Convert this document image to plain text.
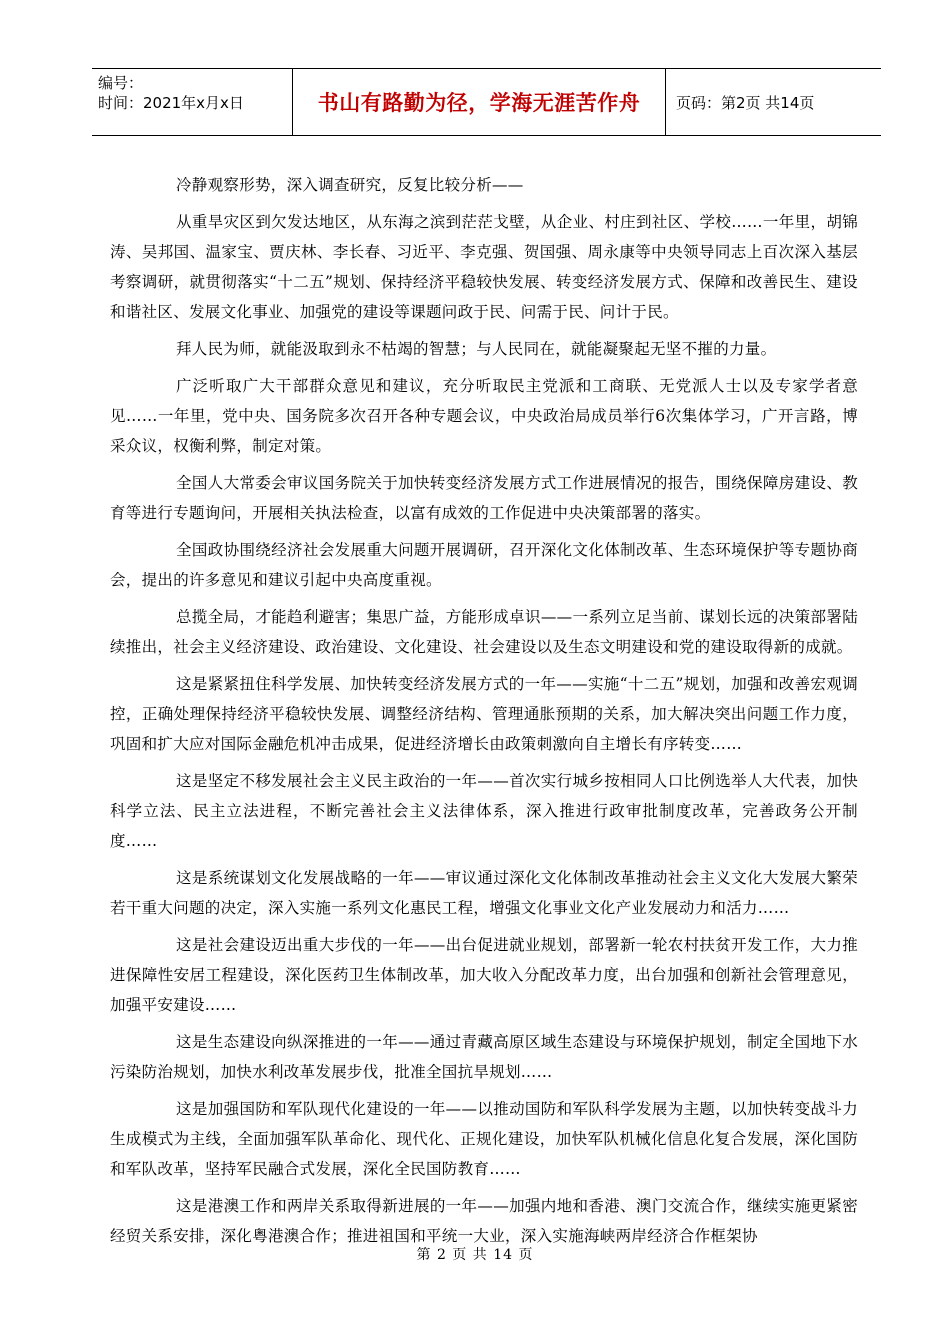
编号：
时间：2021年x月x日	书山有路勤为径，学海无涯苦作舟	页码：第2页 共14页

冷静观察形势，深入调查研究，反复比较分析——

从重旱灾区到欠发达地区，从东海之滨到茫茫戈壁，从企业、村庄到社区、学校……一年里，胡锦涛、吴邦国、温家宝、贾庆林、李长春、习近平、李克强、贺国强、周永康等中央领导同志上百次深入基层考察调研，就贯彻落实“十二五”规划、保持经济平稳较快发展、转变经济发展方式、保障和改善民生、建设和谐社区、发展文化事业、加强党的建设等课题问政于民、问需于民、问计于民。

拜人民为师，就能汲取到永不枯竭的智慧；与人民同在，就能凝聚起无坚不摧的力量。

广泛听取广大干部群众意见和建议，充分听取民主党派和工商联、无党派人士以及专家学者意见……一年里，党中央、国务院多次召开各种专题会议，中央政治局成员举行6次集体学习，广开言路，博采众议，权衡利弊，制定对策。

全国人大常委会审议国务院关于加快转变经济发展方式工作进展情况的报告，围绕保障房建设、教育等进行专题询问，开展相关执法检查，以富有成效的工作促进中央决策部署的落实。

全国政协围绕经济社会发展重大问题开展调研，召开深化文化体制改革、生态环境保护等专题协商会，提出的许多意见和建议引起中央高度重视。

总揽全局，才能趋利避害；集思广益，方能形成卓识——一系列立足当前、谋划长远的决策部署陆续推出，社会主义经济建设、政治建设、文化建设、社会建设以及生态文明建设和党的建设取得新的成就。

这是紧紧扭住科学发展、加快转变经济发展方式的一年——实施“十二五”规划，加强和改善宏观调控，正确处理保持经济平稳较快发展、调整经济结构、管理通胀预期的关系，加大解决突出问题工作力度，巩固和扩大应对国际金融危机冲击成果，促进经济增长由政策刺激向自主增长有序转变……

这是坚定不移发展社会主义民主政治的一年——首次实行城乡按相同人口比例选举人大代表，加快科学立法、民主立法进程，不断完善社会主义法律体系，深入推进行政审批制度改革，完善政务公开制度……

这是系统谋划文化发展战略的一年——审议通过深化文化体制改革推动社会主义文化大发展大繁荣若干重大问题的决定，深入实施一系列文化惠民工程，增强文化事业文化产业发展动力和活力……

这是社会建设迈出重大步伐的一年——出台促进就业规划，部署新一轮农村扶贫开发工作，大力推进保障性安居工程建设，深化医药卫生体制改革，加大收入分配改革力度，出台加强和创新社会管理意见，加强平安建设……

这是生态建设向纵深推进的一年——通过青藏高原区域生态建设与环境保护规划，制定全国地下水污染防治规划，加快水利改革发展步伐，批准全国抗旱规划……

这是加强国防和军队现代化建设的一年——以推动国防和军队科学发展为主题，以加快转变战斗力生成模式为主线，全面加强军队革命化、现代化、正规化建设，加快军队机械化信息化复合发展，深化国防和军队改革，坚持军民融合式发展，深化全民国防教育……

这是港澳工作和两岸关系取得新进展的一年——加强内地和香港、澳门交流合作，继续实施更紧密经贸关系安排，深化粤港澳合作；推进祖国和平统一大业，深入实施海峡两岸经济合作框架协

第 2 页 共 14 页
